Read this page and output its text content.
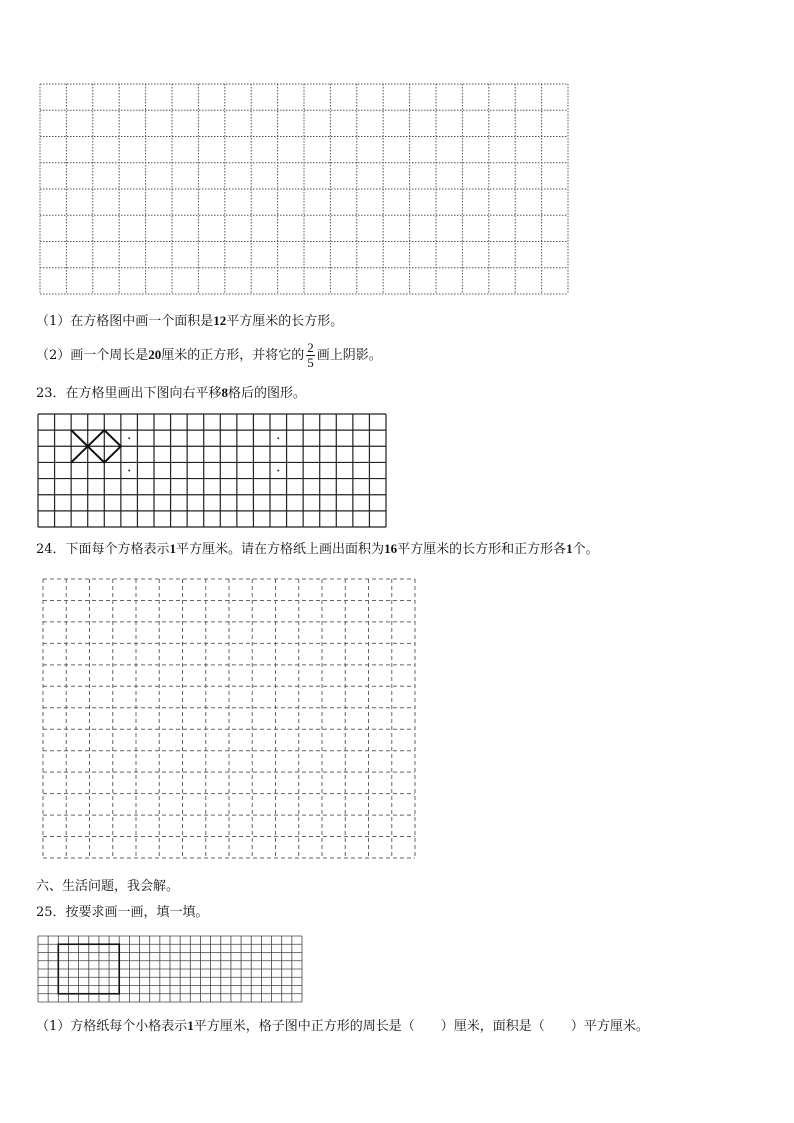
（1）在方格图中画一个面积是12平方厘米的长方形。
（2）画一个周长是20厘米的正方形，并将它的 $\frac{2}{5}$ 画上阴影。
23．在方格里画出下图向右平移8格后的图形。
24．下面每个方格表示1平方厘米。请在方格纸上画出面积为16平方厘米的长方形和正方形各1个。
六、生活问题，我会解。
25．按要求画一画，填一填。
（1）方格纸每个小格表示1平方厘米，格子图中正方形的周长是（ ）厘米，面积是（ ）平方厘米。
